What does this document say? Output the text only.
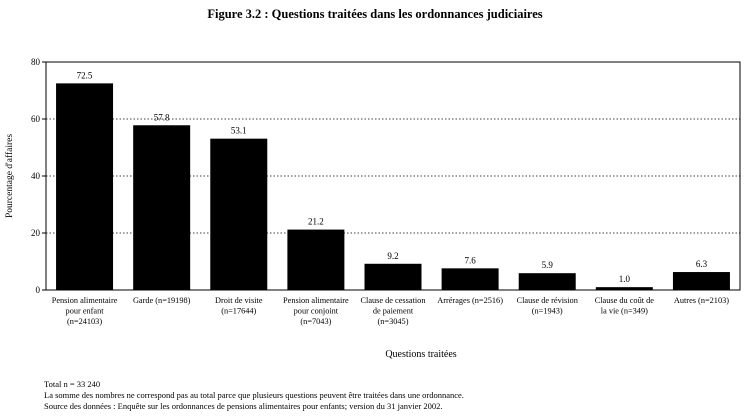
Figure 3.2 : Questions traitées dans les ordonnances judiciaires
0
20
40
60
80
Pourcentage d'affaires
72.5
Pension alimentaire
pour enfant
(n=24103)
57.8
Garde (n=19198)
53.1
Droit de visite
(n=17644)
21.2
Pension alimentaire
pour conjoint
(n=7043)
9.2
Clause de cessation
de paiement
(n=3045)
7.6
Arrérages (n=2516)
5.9
Clause de révision
(n=1943)
1.0
Clause du coût de
la vie (n=349)
6.3
Autres (n=2103)
Questions traitées
Total n = 33 240
La somme des nombres ne correspond pas au total parce que plusieurs questions peuvent être traitées dans une ordonnance.
Source des données : Enquête sur les ordonnances de pensions alimentaires pour enfants; version du 31 janvier 2002.
